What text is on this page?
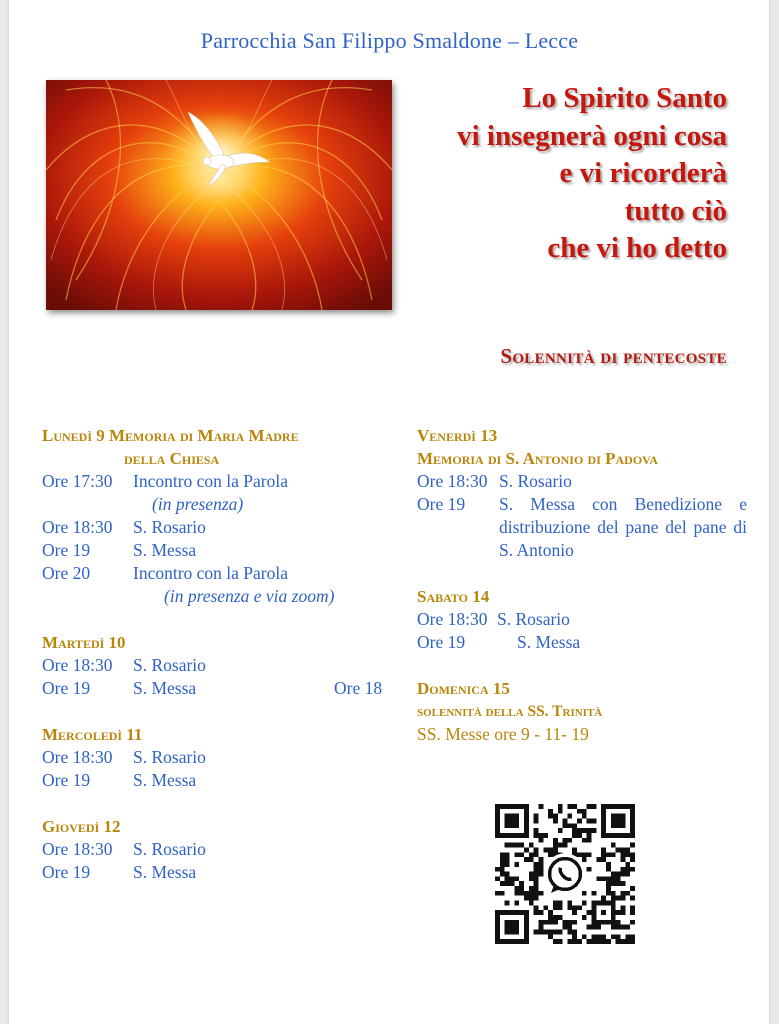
Parrocchia San Filippo Smaldone – Lecce
Lo Spirito Santo
vi insegnerà ogni cosa
e vi ricorderà
tutto ciò
che vi ho detto
Solennità di pentecoste
Lunedì 9 Memoria di Maria Madre
della Chiesa
Ore 17:30 Incontro con la Parola
(in presenza)
Ore 18:30 S. Rosario
Ore 19 S. Messa
Ore 20 Incontro con la Parola
(in presenza e via zoom)
Martedì 10
Ore 18:30 S. Rosario
Ore 19 S. Messa	Ore 18
Mercoledì 11
Ore 18:30 S. Rosario
Ore 19 S. Messa
Giovedì 12
Ore 18:30 S. Rosario
Ore 19 S. Messa
Venerdì 13
Memoria di S. Antonio di Padova
Ore 18:30 S. Rosario
Ore 19	S. Messa con Benedizione e distribuzione del pane del pane di S. Antonio
Sabato 14
Ore 18:30 S. Rosario
Ore 19	S. Messa
Domenica 15
solennità della SS. Trinità
SS. Messe ore 9 - 11- 19
